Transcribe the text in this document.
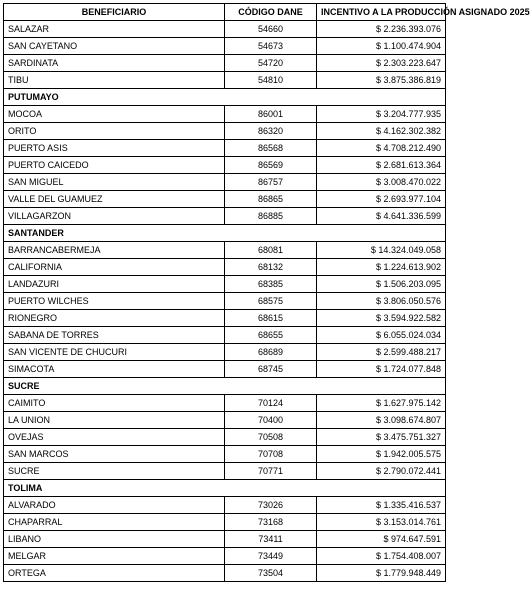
BENEFICIARIO	CÓDIGO DANE	INCENTIVO A LA PRODUCCIÓN ASIGNADO 2025
SALAZAR	54660	$ 2.236.393.076
SAN CAYETANO	54673	$ 1.100.474.904
SARDINATA	54720	$ 2.303.223.647
TIBU	54810	$ 3.875.386.819
PUTUMAYO		
MOCOA	86001	$ 3.204.777.935
ORITO	86320	$ 4.162.302.382
PUERTO ASIS	86568	$ 4.708.212.490
PUERTO CAICEDO	86569	$ 2.681.613.364
SAN MIGUEL	86757	$ 3.008.470.022
VALLE DEL GUAMUEZ	86865	$ 2.693.977.104
VILLAGARZON	86885	$ 4.641.336.599
SANTANDER		
BARRANCABERMEJA	68081	$ 14.324.049.058
CALIFORNIA	68132	$ 1.224.613.902
LANDAZURI	68385	$ 1.506.203.095
PUERTO WILCHES	68575	$ 3.806.050.576
RIONEGRO	68615	$ 3.594.922.582
SABANA DE TORRES	68655	$ 6.055.024.034
SAN VICENTE DE CHUCURI	68689	$ 2.599.488.217
SIMACOTA	68745	$ 1.724.077.848
SUCRE		
CAIMITO	70124	$ 1.627.975.142
LA UNION	70400	$ 3.098.674.807
OVEJAS	70508	$ 3.475.751.327
SAN MARCOS	70708	$ 1.942.005.575
SUCRE	70771	$ 2.790.072.441
TOLIMA		
ALVARADO	73026	$ 1.335.416.537
CHAPARRAL	73168	$ 3.153.014.761
LIBANO	73411	$ 974.647.591
MELGAR	73449	$ 1.754.408.007
ORTEGA	73504	$ 1.779.948.449
